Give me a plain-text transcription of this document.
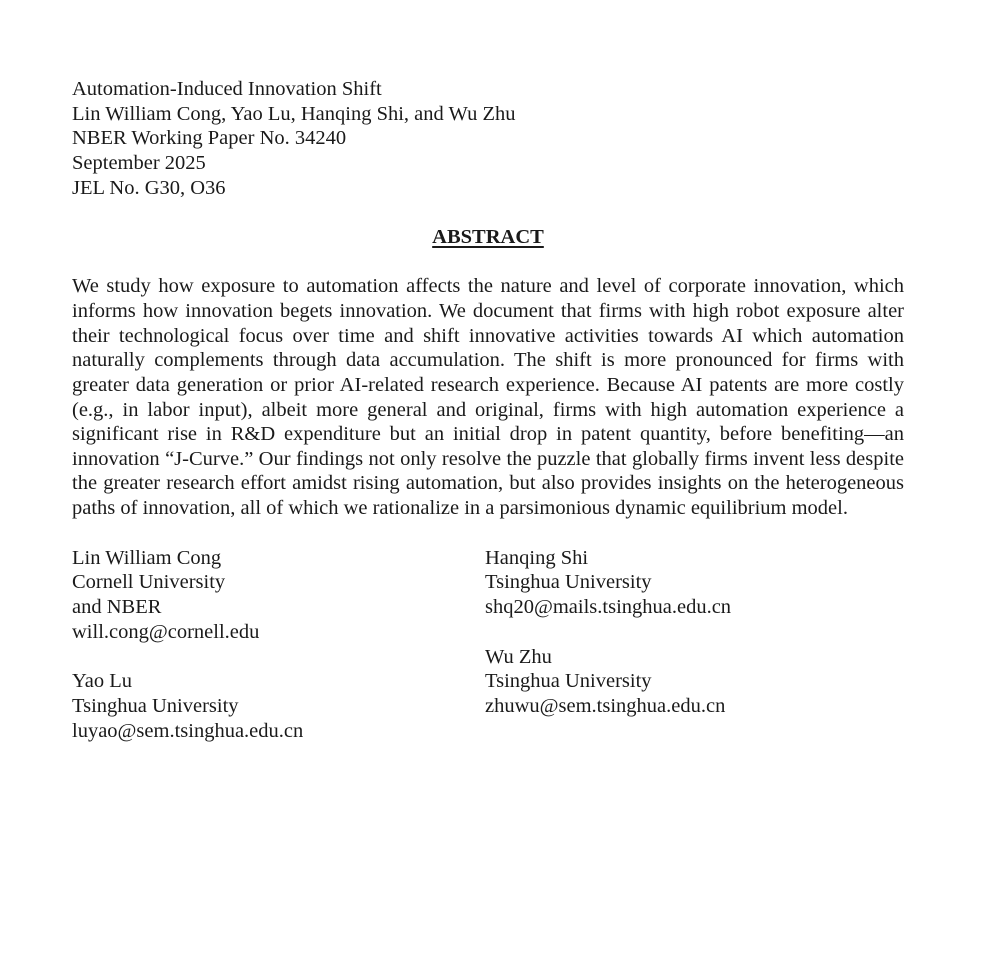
Automation-Induced Innovation Shift
Lin William Cong, Yao Lu, Hanqing Shi, and Wu Zhu
NBER Working Paper No. 34240
September 2025
JEL No. G30, O36
ABSTRACT

We study how exposure to automation affects the nature and level of corporate innovation, which informs how innovation begets innovation. We document that firms with high robot exposure alter their technological focus over time and shift innovative activities towards AI which automation naturally complements through data accumulation. The shift is more pronounced for firms with greater data generation or prior AI-related research experience. Because AI patents are more costly (e.g., in labor input), albeit more general and original, firms with high automation experience a significant rise in R&D expenditure but an initial drop in patent quantity, before benefiting—an innovation “J-Curve.” Our findings not only resolve the puzzle that globally firms invent less despite the greater research effort amidst rising automation, but also provides insights on the heterogeneous paths of innovation, all of which we rationalize in a parsimonious dynamic equilibrium model.

Lin William Cong
Cornell University
and NBER
will.cong@cornell.edu
Yao Lu
Tsinghua University
luyao@sem.tsinghua.edu.cn
Hanqing Shi
Tsinghua University
shq20@mails.tsinghua.edu.cn
Wu Zhu
Tsinghua University
zhuwu@sem.tsinghua.edu.cn
